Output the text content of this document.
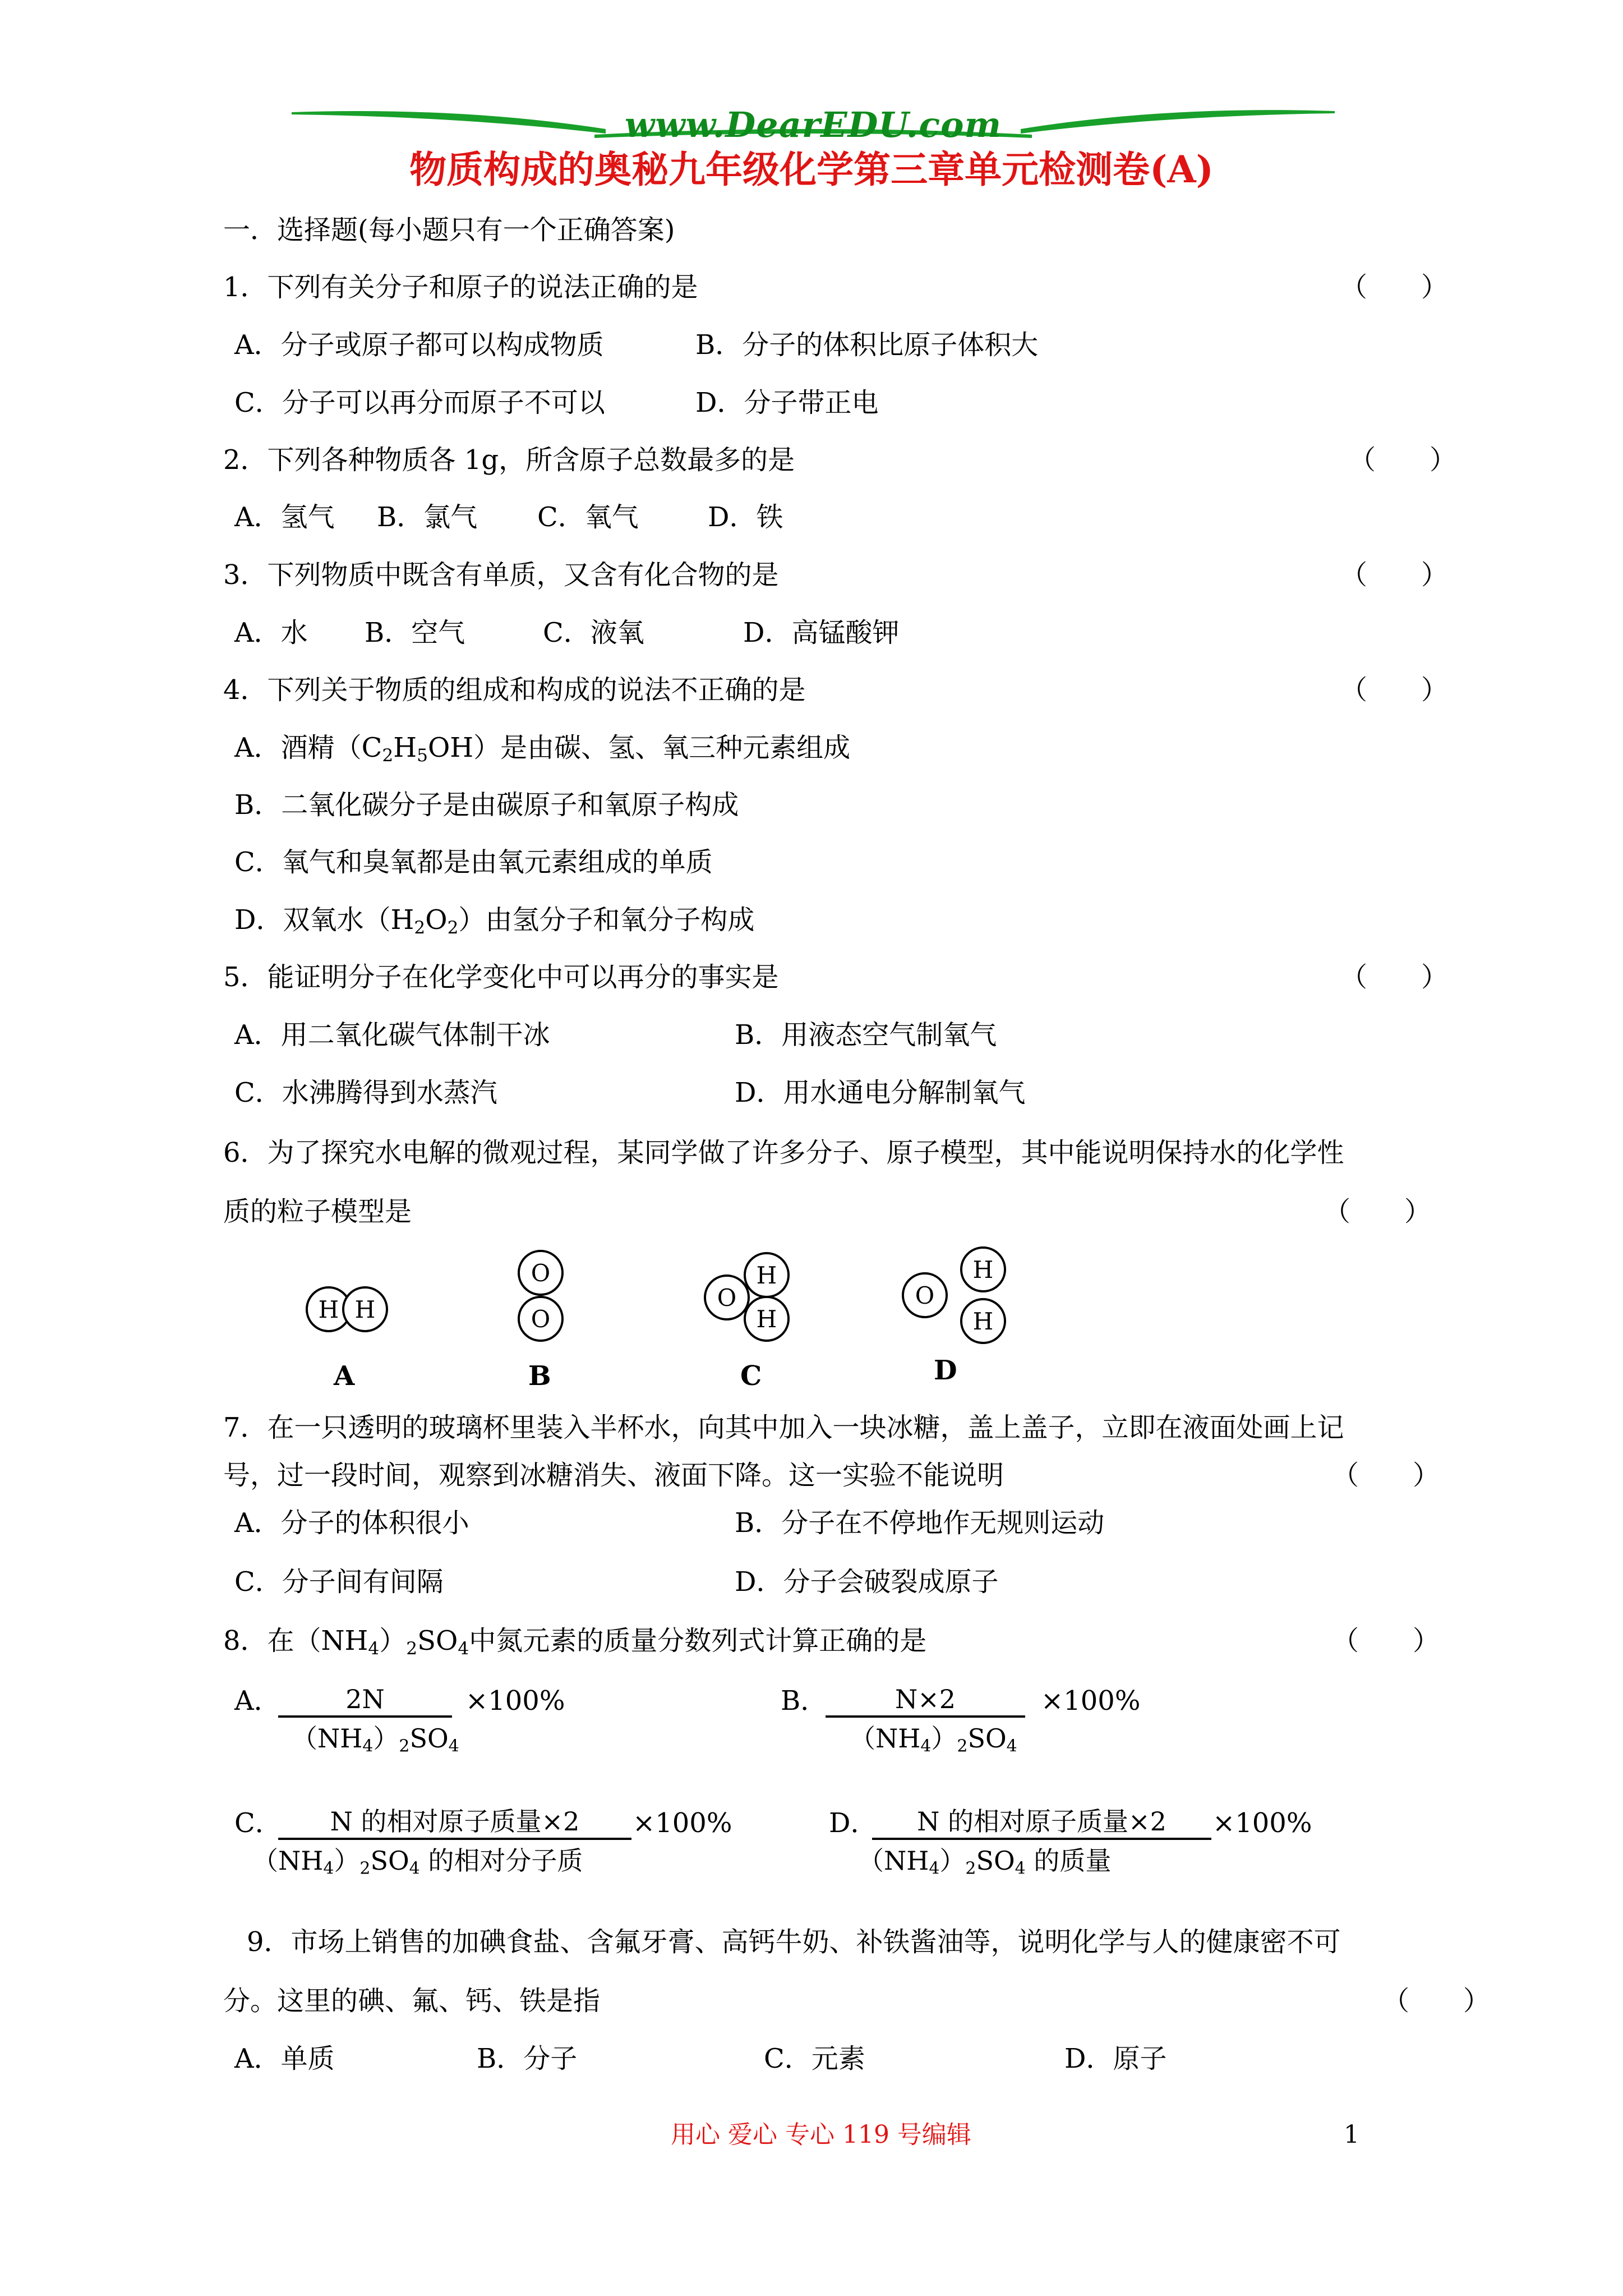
www.DearEDU.com
物质构成的奥秘九年级化学第三章单元检测卷(A)
一．选择题(每小题只有一个正确答案)
1．下列有关分子和原子的说法正确的是	（　　）
A．分子或原子都可以构成物质	B．分子的体积比原子体积大
C．分子可以再分而原子不可以	D．分子带正电
2．下列各种物质各 1g，所含原子总数最多的是	（　　）
A．氢气 B．氯气 C．氧气	D．铁
3．下列物质中既含有单质，又含有化合物的是	（　　）
A．水 B．空气	C．液氧	D．高锰酸钾
4．下列关于物质的组成和构成的说法不正确的是	（　　）
A．酒精$(C_2H_5OH)$是由碳、氢、氧三种元素组成
B．二氧化碳分子是由碳原子和氧原子构成
C．氧气和臭氧都是由氧元素组成的单质
D．双氧水$(H_2O_2)$由氢分子和氧分子构成
5．能证明分子在化学变化中可以再分的事实是	（　　）
A．用二氧化碳气体制干冰	B．用液态空气制氧气
C．水沸腾得到水蒸汽	D．用水通电分解制氧气
6．为了探究水电解的微观过程，某同学做了许多分子、原子模型，其中能说明保持水的化学性
质的粒子模型是	（　　）
H H
A
O
O
B
O
H
H
C
O
H
H
D
7．在一只透明的玻璃杯里装入半杯水，向其中加入一块冰糖，盖上盖子，立即在液面处画上记
号，过一段时间，观察到冰糖消失、液面下降。这一实验不能说明	（　　）
A．分子的体积很小	B．分子在不停地作无规则运动
C．分子间有间隔	D．分子会破裂成原子
8．在$(NH_4)_2SO_4$中氮元素的质量分数列式计算正确的是	（　　）
A．	2N	×100%
$(NH_4)_2SO_4$
B．	N×2	×100%
$(NH_4)_2SO_4$
C．	N 的相对原子质量×2	×100%
$(NH_4)_2SO_4$ 的相对分子质
D．	N 的相对原子质量×2	×100%
$(NH_4)_2SO_4$ 的质量
9．市场上销售的加碘食盐、含氟牙膏、高钙牛奶、补铁酱油等，说明化学与人的健康密不可
分。这里的碘、氟、钙、铁是指	（　　）
A．单质	B．分子	C．元素	D．原子
用心 爱心 专心 119 号编辑	1
